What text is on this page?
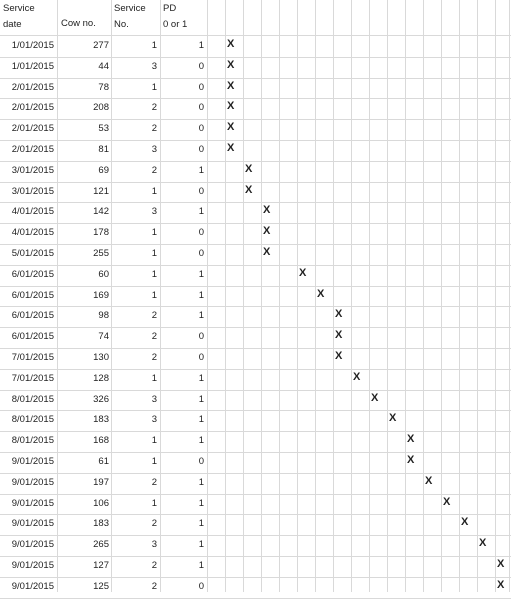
Service
date	Cow no.
Service
No.
PD
0 or 1
1/01/2015	277	1	1 X
1/01/2015	44	3	0 X
2/01/2015	78	1	0 X
2/01/2015	208	2	0 X
2/01/2015	53	2	0 X
2/01/2015	81	3	0 X
3/01/2015	69	2	1	X
3/01/2015	121	1	0	X
4/01/2015	142	3	1	X
4/01/2015	178	1	0	X
5/01/2015	255	1	0	X
6/01/2015	60	1	1	X
6/01/2015	169	1	1	X
6/01/2015	98	2	1	X
6/01/2015	74	2	0	X
7/01/2015	130	2	0	X
7/01/2015	128	1	1	X
8/01/2015	326	3	1	X
8/01/2015	183	3	1	X
8/01/2015	168	1	1	X
9/01/2015	61	1	0	X
9/01/2015	197	2	1	X
9/01/2015	106	1	1	X
9/01/2015	183	2	1	X
9/01/2015	265	3	1	X
9/01/2015	127	2	1	X
9/01/2015	125	2	0	X
